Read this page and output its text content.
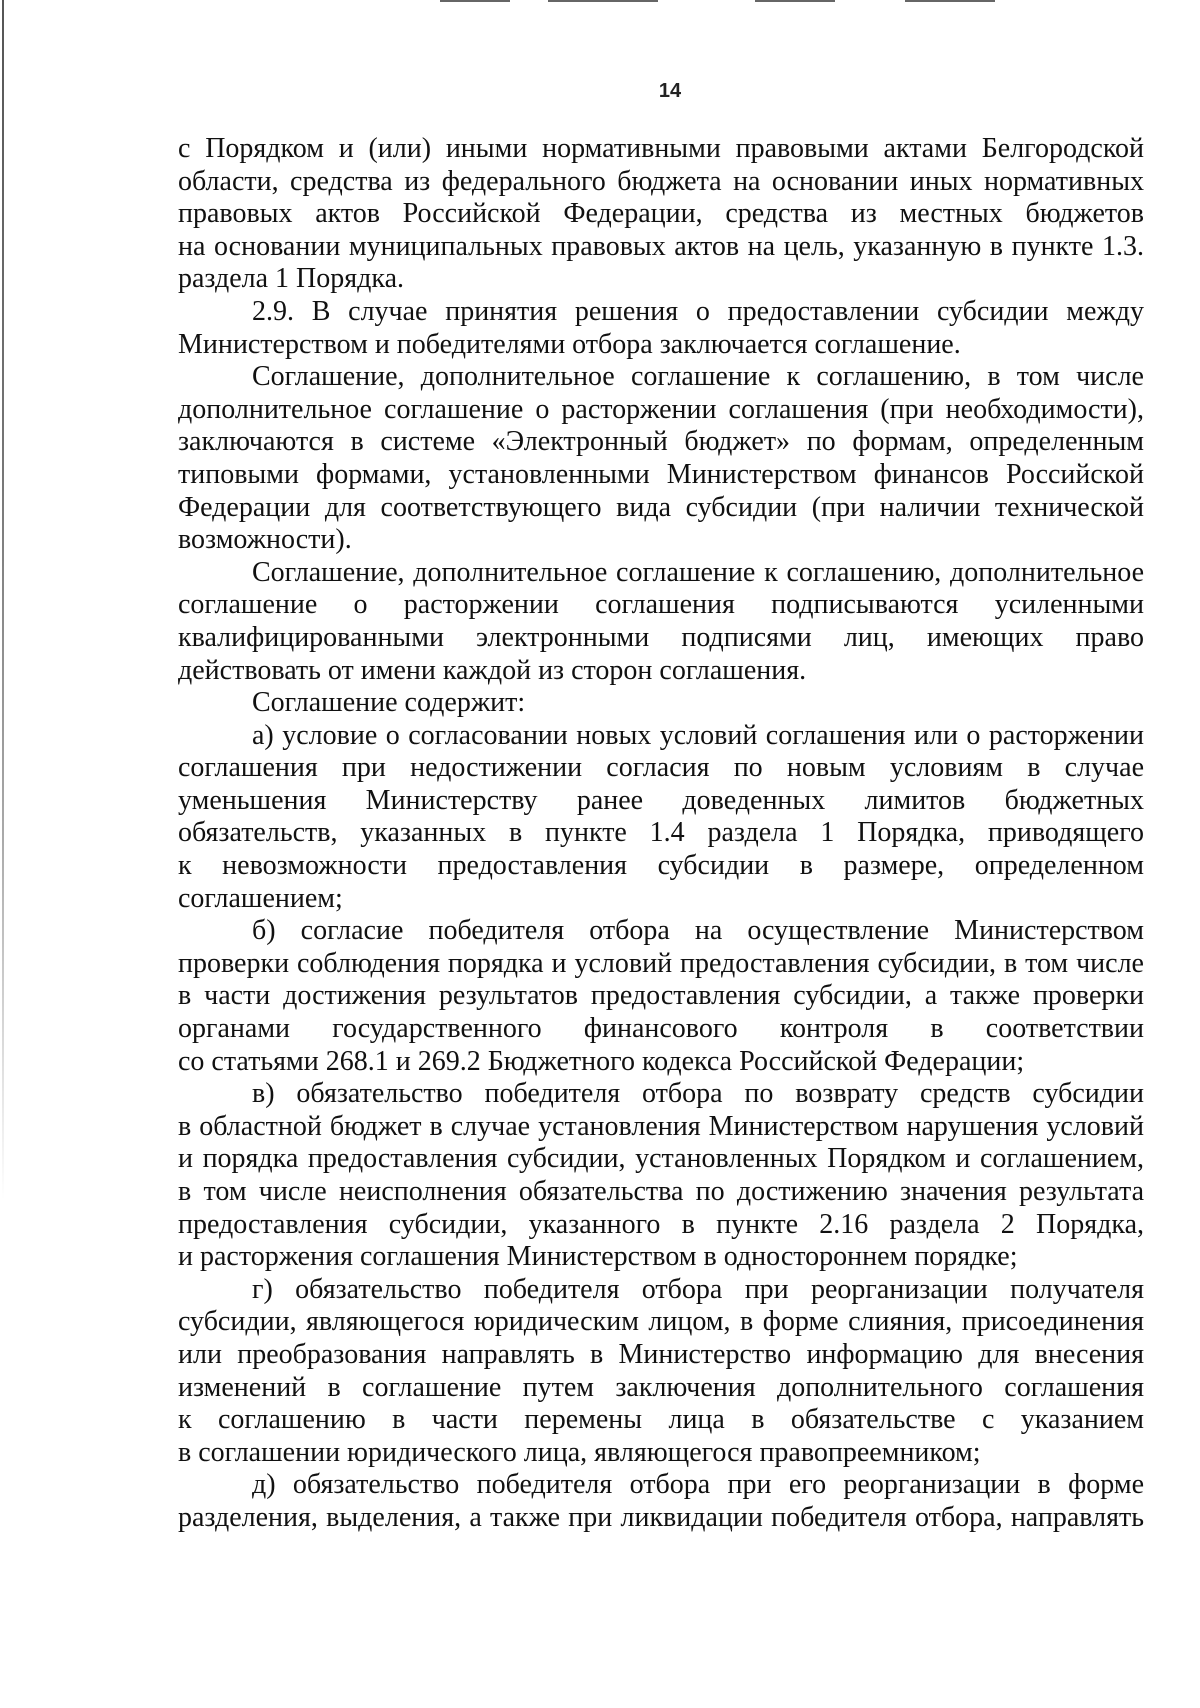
14
с Порядком и (или) иными нормативными правовыми актами Белгородской
области, средства из федерального бюджета на основании иных нормативных
правовых актов Российской Федерации, средства из местных бюджетов
на основании муниципальных правовых актов на цель, указанную в пункте 1.3.
раздела 1 Порядка.
2.9. В случае принятия решения о предоставлении субсидии между
Министерством и победителями отбора заключается соглашение.
Соглашение, дополнительное соглашение к соглашению, в том числе
дополнительное соглашение о расторжении соглашения (при необходимости),
заключаются в системе «Электронный бюджет» по формам, определенным
типовыми формами, установленными Министерством финансов Российской
Федерации для соответствующего вида субсидии (при наличии технической
возможности).
Соглашение, дополнительное соглашение к соглашению, дополнительное
соглашение о расторжении соглашения подписываются усиленными
квалифицированными электронными подписями лиц, имеющих право
действовать от имени каждой из сторон соглашения.
Соглашение содержит:
а) условие о согласовании новых условий соглашения или о расторжении
соглашения при недостижении согласия по новым условиям в случае
уменьшения Министерству ранее доведенных лимитов бюджетных
обязательств, указанных в пункте 1.4 раздела 1 Порядка, приводящего
к невозможности предоставления субсидии в размере, определенном
соглашением;
б) согласие победителя отбора на осуществление Министерством
проверки соблюдения порядка и условий предоставления субсидии, в том числе
в части достижения результатов предоставления субсидии, а также проверки
органами государственного финансового контроля в соответствии
со статьями 268.1 и 269.2 Бюджетного кодекса Российской Федерации;
в) обязательство победителя отбора по возврату средств субсидии
в областной бюджет в случае установления Министерством нарушения условий
и порядка предоставления субсидии, установленных Порядком и соглашением,
в том числе неисполнения обязательства по достижению значения результата
предоставления субсидии, указанного в пункте 2.16 раздела 2 Порядка,
и расторжения соглашения Министерством в одностороннем порядке;
г) обязательство победителя отбора при реорганизации получателя
субсидии, являющегося юридическим лицом, в форме слияния, присоединения
или преобразования направлять в Министерство информацию для внесения
изменений в соглашение путем заключения дополнительного соглашения
к соглашению в части перемены лица в обязательстве с указанием
в соглашении юридического лица, являющегося правопреемником;
д) обязательство победителя отбора при его реорганизации в форме
разделения, выделения, а также при ликвидации победителя отбора, направлять
